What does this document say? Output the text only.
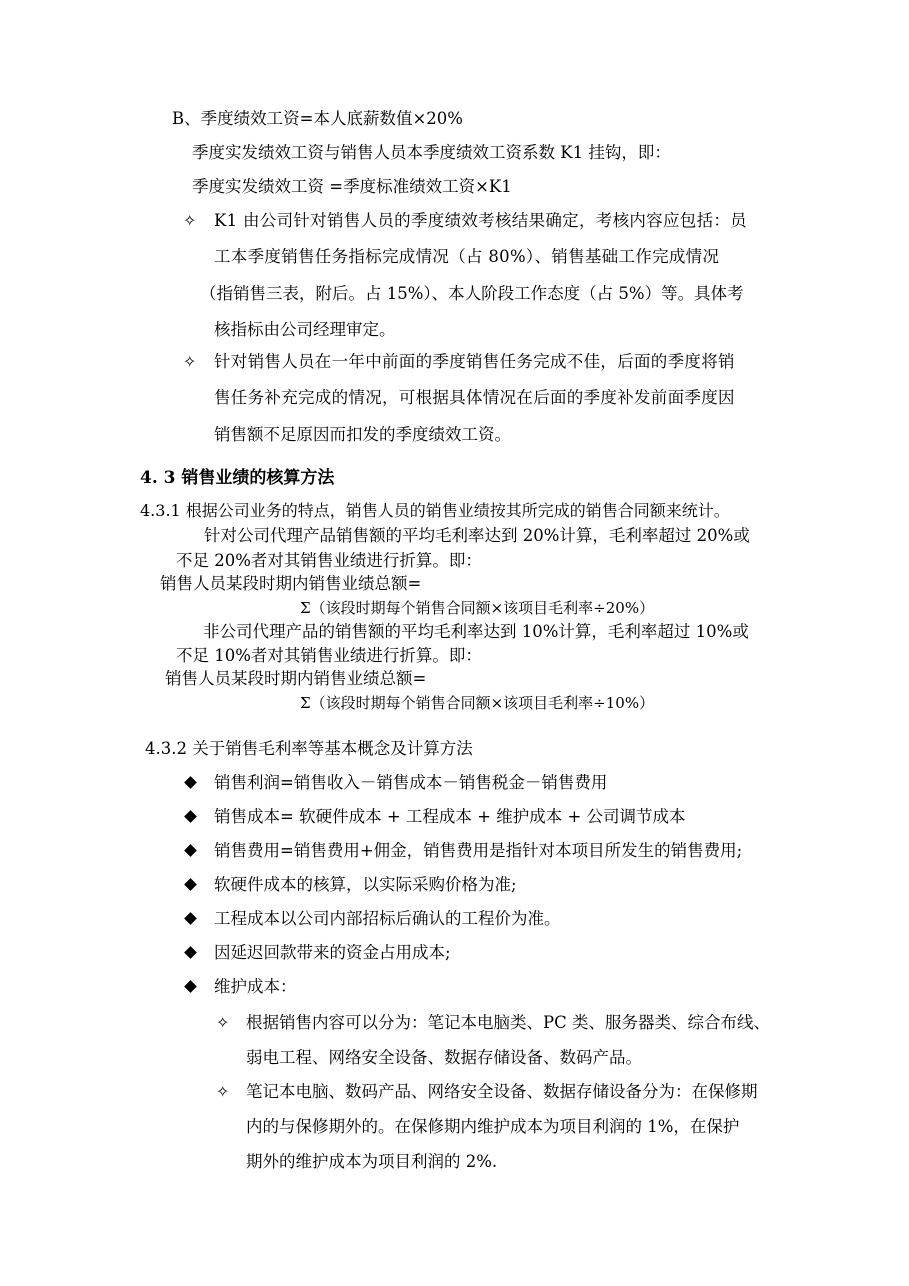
B、季度绩效工资=本人底薪数值×20%
季度实发绩效工资与销售人员本季度绩效工资系数 K1 挂钩，即：
季度实发绩效工资 =季度标准绩效工资×K1
✧ K1 由公司针对销售人员的季度绩效考核结果确定，考核内容应包括：员
工本季度销售任务指标完成情况（占 80%）、销售基础工作完成情况
（指销售三表，附后。占 15%）、本人阶段工作态度（占 5%）等。具体考
核指标由公司经理审定。
✧ 针对销售人员在一年中前面的季度销售任务完成不佳，后面的季度将销
售任务补充完成的情况，可根据具体情况在后面的季度补发前面季度因
销售额不足原因而扣发的季度绩效工资。
4. 3 销售业绩的核算方法
4.3.1 根据公司业务的特点，销售人员的销售业绩按其所完成的销售合同额来统计。
针对公司代理产品销售额的平均毛利率达到 20%计算，毛利率超过 20%或
不足 20%者对其销售业绩进行折算。即：
销售人员某段时期内销售业绩总额=
Σ（该段时期每个销售合同额×该项目毛利率÷20%）
非公司代理产品的销售额的平均毛利率达到 10%计算，毛利率超过 10%或
不足 10%者对其销售业绩进行折算。即：
销售人员某段时期内销售业绩总额=
Σ（该段时期每个销售合同额×该项目毛利率÷10%）
4.3.2 关于销售毛利率等基本概念及计算方法
销售利润=销售收入－销售成本－销售税金－销售费用
销售成本= 软硬件成本 + 工程成本 + 维护成本 + 公司调节成本
销售费用=销售费用+佣金，销售费用是指针对本项目所发生的销售费用;
软硬件成本的核算，以实际采购价格为准;
工程成本以公司内部招标后确认的工程价为准。
因延迟回款带来的资金占用成本;
维护成本：
✧ 根据销售内容可以分为：笔记本电脑类、PC 类、服务器类、综合布线、
弱电工程、网络安全设备、数据存储设备、数码产品。
✧ 笔记本电脑、数码产品、网络安全设备、数据存储设备分为：在保修期
内的与保修期外的。在保修期内维护成本为项目利润的 1%，在保护
期外的维护成本为项目利润的 2%.
